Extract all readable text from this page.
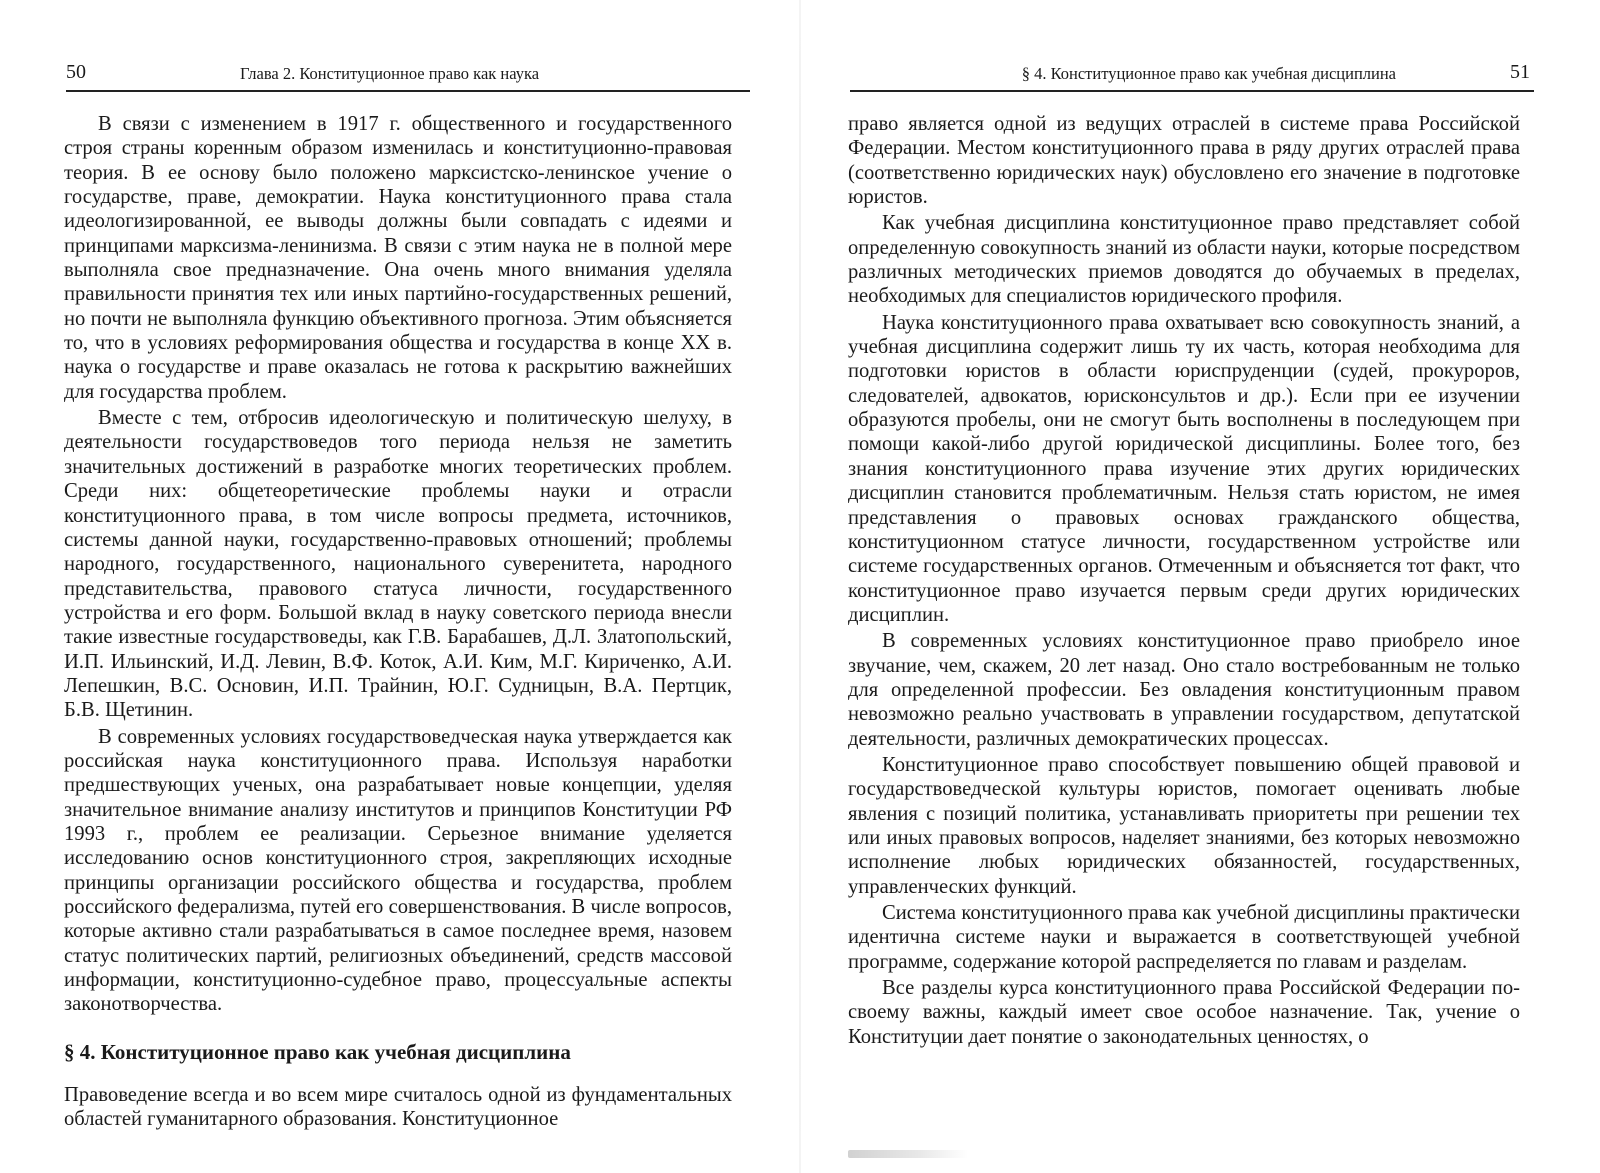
50	Глава 2. Конституционное право как наука

В связи с изменением в 1917 г. общественного и государственного строя страны коренным образом изменилась и конституционно-правовая теория. В ее основу было положено марксистско-ленинское учение о государстве, праве, демократии. Наука конституционного права стала идеологизированной, ее выводы должны были совпадать с идеями и принципами марксизма-ленинизма. В связи с этим наука не в полной мере выполняла свое предназначение. Она очень много внимания уделяла правильности принятия тех или иных партийно-государственных решений, но почти не выполняла функцию объективного прогноза. Этим объясняется то, что в условиях реформирования общества и государства в конце XX в. наука о государстве и праве оказалась не готова к раскрытию важнейших для государства проблем.

Вместе с тем, отбросив идеологическую и политическую шелуху, в деятельности государствоведов того периода нельзя не заметить значительных достижений в разработке многих теоретических проблем. Среди них: общетеоретические проблемы науки и отрасли конституционного права, в том числе вопросы предмета, источников, системы данной науки, государственно-правовых отношений; проблемы народного, государственного, национального суверенитета, народного представительства, правового статуса личности, государственного устройства и его форм. Большой вклад в науку советского периода внесли такие известные государствоведы, как Г.В. Барабашев, Д.Л. Златопольский, И.П. Ильинский, И.Д. Левин, В.Ф. Коток, А.И. Ким, М.Г. Кириченко, А.И. Лепешкин, В.С. Основин, И.П. Трайнин, Ю.Г. Судницын, В.А. Пертцик, Б.В. Щетинин.

В современных условиях государствоведческая наука утверждается как российская наука конституционного права. Используя наработки предшествующих ученых, она разрабатывает новые концепции, уделяя значительное внимание анализу институтов и принципов Конституции РФ 1993 г., проблем ее реализации. Серьезное внимание уделяется исследованию основ конституционного строя, закрепляющих исходные принципы организации российского общества и государства, проблем российского федерализма, путей его совершенствования. В числе вопросов, которые активно стали разрабатываться в самое последнее время, назовем статус политических партий, религиозных объединений, средств массовой информации, конституционно-судебное право, процессуальные аспекты законотворчества.

§ 4. Конституционное право как учебная дисциплина

Правоведение всегда и во всем мире считалось одной из фундаментальных областей гуманитарного образования. Конституционное

§ 4. Конституционное право как учебная дисциплина	51

право является одной из ведущих отраслей в системе права Российской Федерации. Местом конституционного права в ряду других отраслей права (соответственно юридических наук) обусловлено его значение в подготовке юристов.

Как учебная дисциплина конституционное право представляет собой определенную совокупность знаний из области науки, которые посредством различных методических приемов доводятся до обучаемых в пределах, необходимых для специалистов юридического профиля.

Наука конституционного права охватывает всю совокупность знаний, а учебная дисциплина содержит лишь ту их часть, которая необходима для подготовки юристов в области юриспруденции (судей, прокуроров, следователей, адвокатов, юрисконсультов и др.). Если при ее изучении образуются пробелы, они не смогут быть восполнены в последующем при помощи какой-либо другой юридической дисциплины. Более того, без знания конституционного права изучение этих других юридических дисциплин становится проблематичным. Нельзя стать юристом, не имея представления о правовых основах гражданского общества, конституционном статусе личности, государственном устройстве или системе государственных органов. Отмеченным и объясняется тот факт, что конституционное право изучается первым среди других юридических дисциплин.

В современных условиях конституционное право приобрело иное звучание, чем, скажем, 20 лет назад. Оно стало востребованным не только для определенной профессии. Без овладения конституционным правом невозможно реально участвовать в управлении государством, депутатской деятельности, различных демократических процессах.

Конституционное право способствует повышению общей правовой и государствоведческой культуры юристов, помогает оценивать любые явления с позиций политика, устанавливать приоритеты при решении тех или иных правовых вопросов, наделяет знаниями, без которых невозможно исполнение любых юридических обязанностей, государственных, управленческих функций.

Система конституционного права как учебной дисциплины практически идентична системе науки и выражается в соответствующей учебной программе, содержание которой распределяется по главам и разделам.

Все разделы курса конституционного права Российской Федерации по-своему важны, каждый имеет свое особое назначение. Так, учение о Конституции дает понятие о законодательных ценностях, о
